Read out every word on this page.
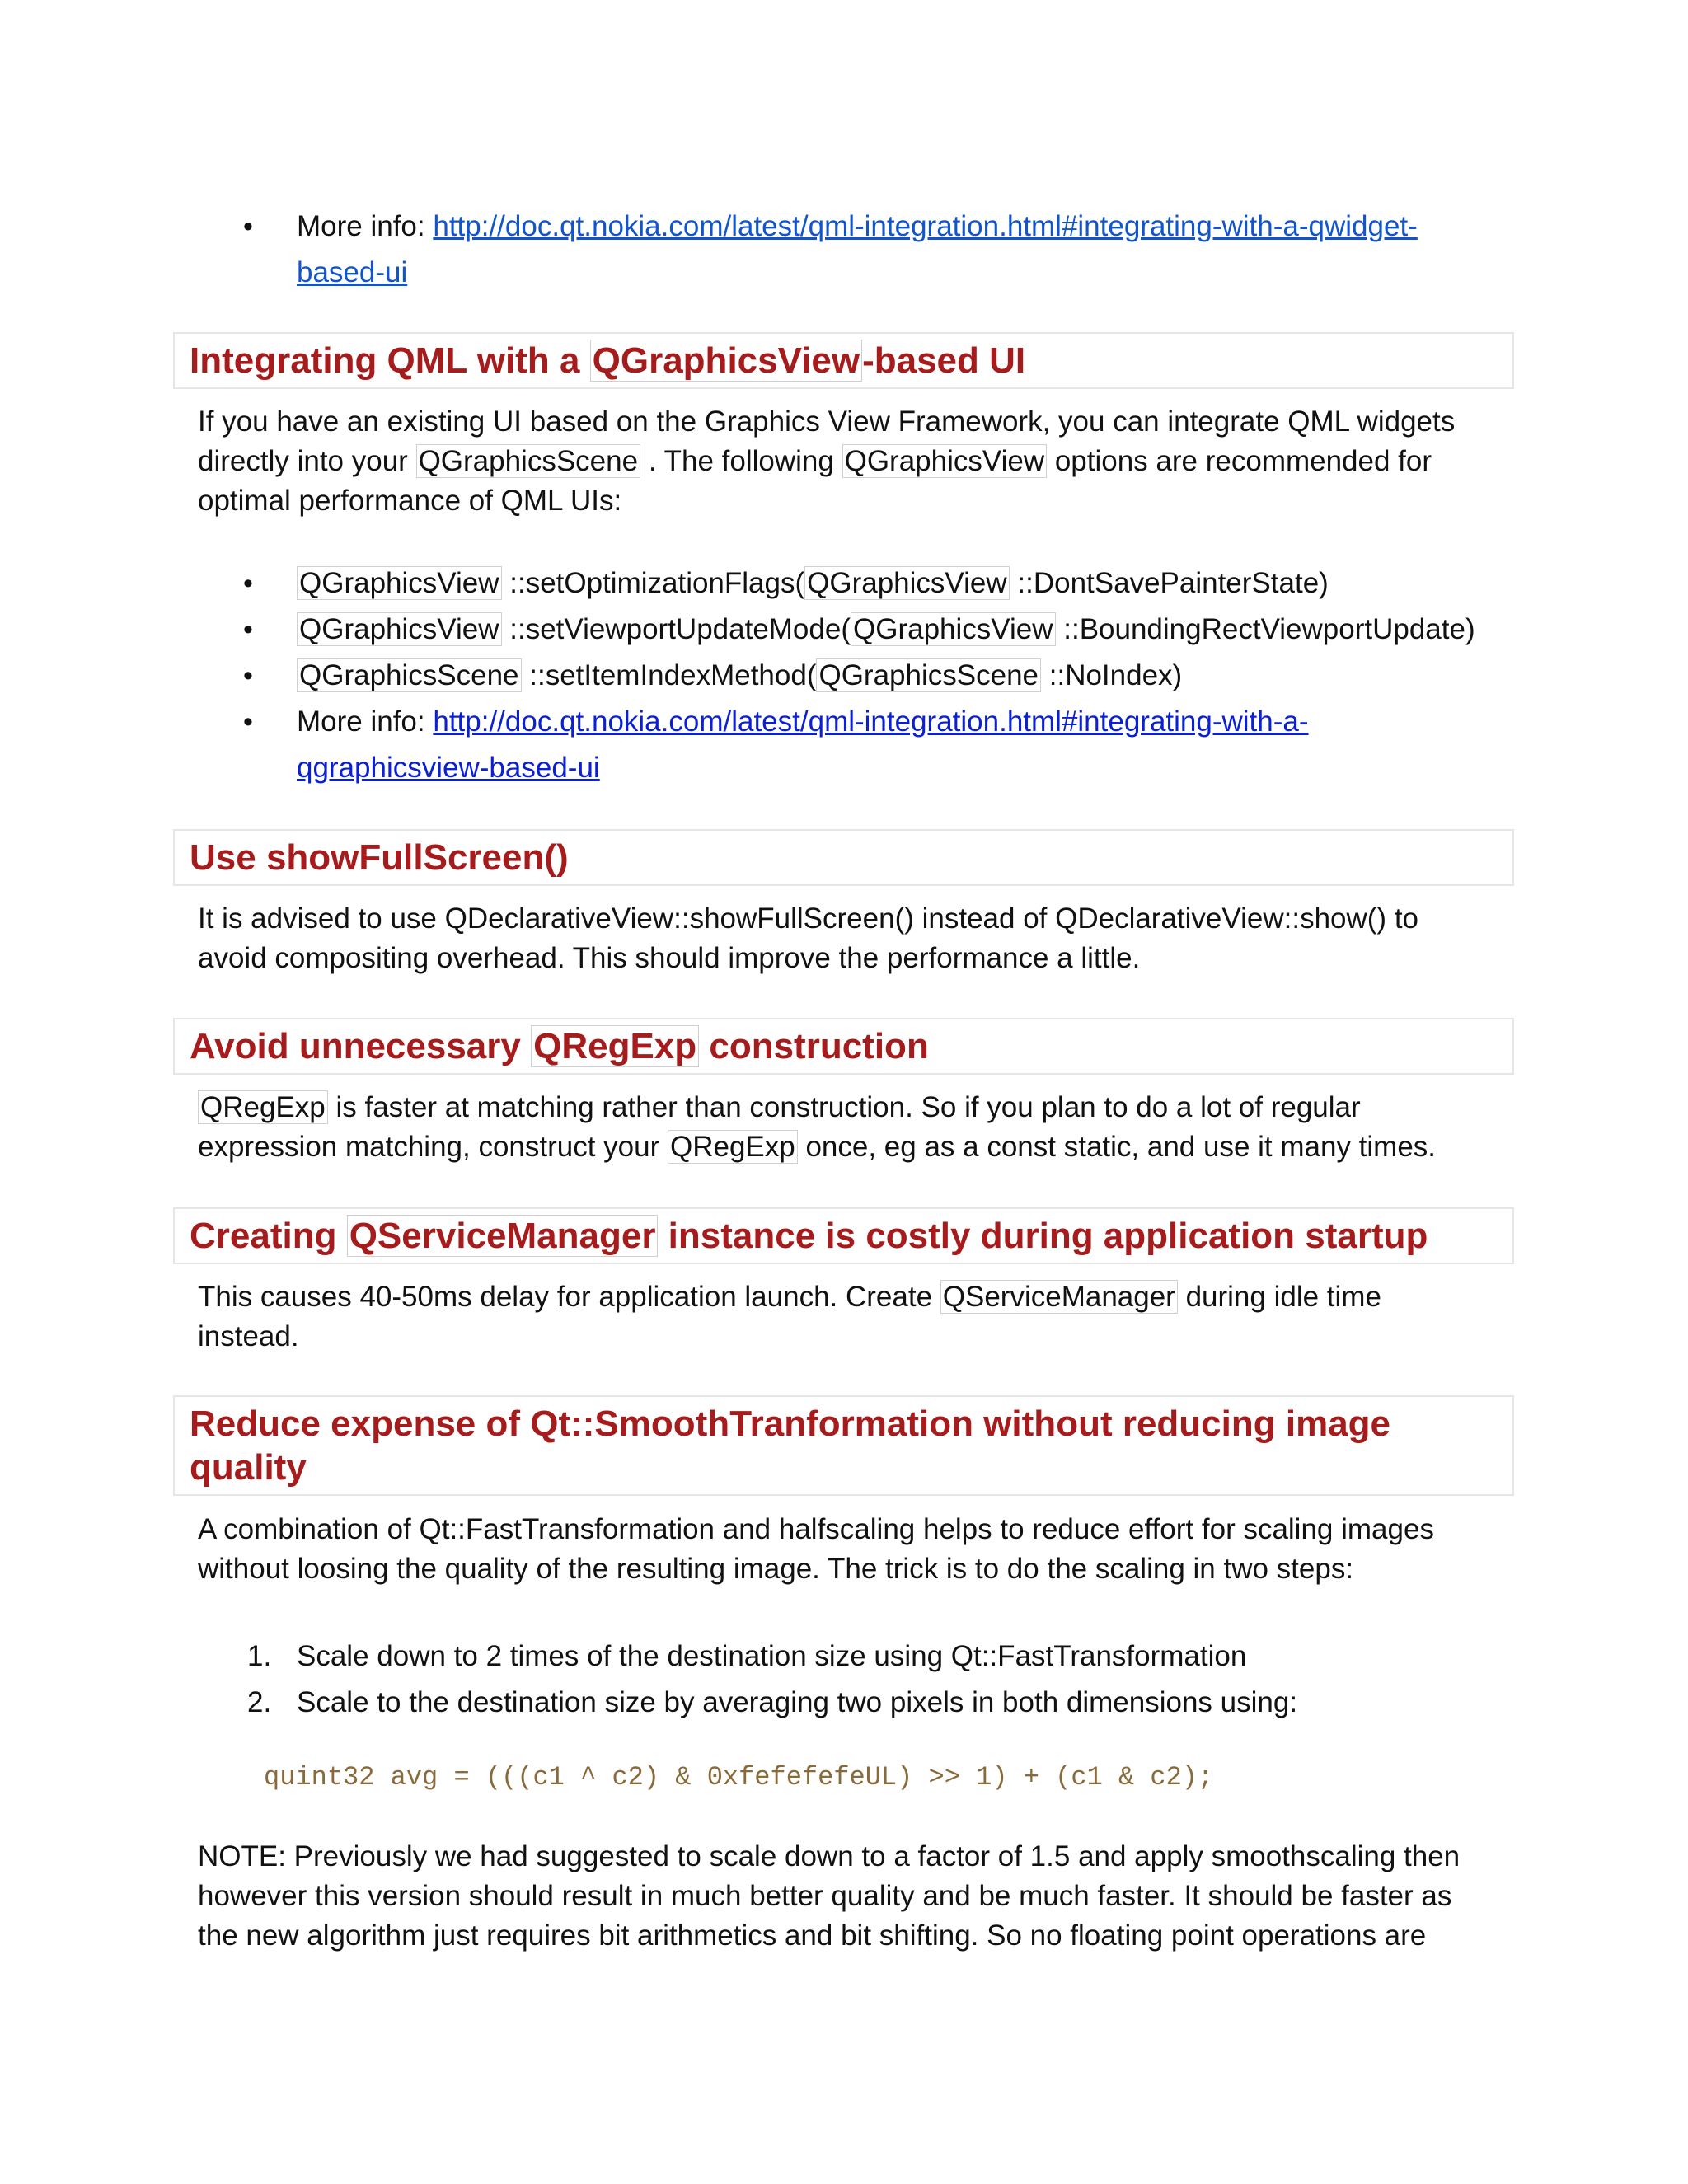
• More info: http://doc.qt.nokia.com/latest/qml-integration.html#integrating-with-a-qwidget-
based-ui
Integrating QML with a QGraphicsView-based UI

If you have an existing UI based on the Graphics View Framework, you can integrate QML widgets
directly into your QGraphicsScene . The following QGraphicsView options are recommended for
optimal performance of QML UIs:

• QGraphicsView ::setOptimizationFlags(QGraphicsView ::DontSavePainterState)
• QGraphicsView ::setViewportUpdateMode(QGraphicsView ::BoundingRectViewportUpdate)
• QGraphicsScene ::setItemIndexMethod(QGraphicsScene ::NoIndex)
• More info: http://doc.qt.nokia.com/latest/qml-integration.html#integrating-with-a-
qgraphicsview-based-ui
Use showFullScreen()

It is advised to use QDeclarativeView::showFullScreen() instead of QDeclarativeView::show() to
avoid compositing overhead. This should improve the performance a little.

Avoid unnecessary QRegExp construction

QRegExp is faster at matching rather than construction. So if you plan to do a lot of regular
expression matching, construct your QRegExp once, eg as a const static, and use it many times.

Creating QServiceManager instance is costly during application startup

This causes 40-50ms delay for application launch. Create QServiceManager during idle time
instead.

Reduce expense of Qt::SmoothTranformation without reducing image
quality

A combination of Qt::FastTransformation and halfscaling helps to reduce effort for scaling images
without loosing the quality of the resulting image. The trick is to do the scaling in two steps:

1. Scale down to 2 times of the destination size using Qt::FastTransformation
2. Scale to the destination size by averaging two pixels in both dimensions using:
quint32 avg = (((c1 ^ c2) & 0xfefefefeUL) >> 1) + (c1 & c2);

NOTE: Previously we had suggested to scale down to a factor of 1.5 and apply smoothscaling then
however this version should result in much better quality and be much faster. It should be faster as
the new algorithm just requires bit arithmetics and bit shifting. So no floating point operations are
